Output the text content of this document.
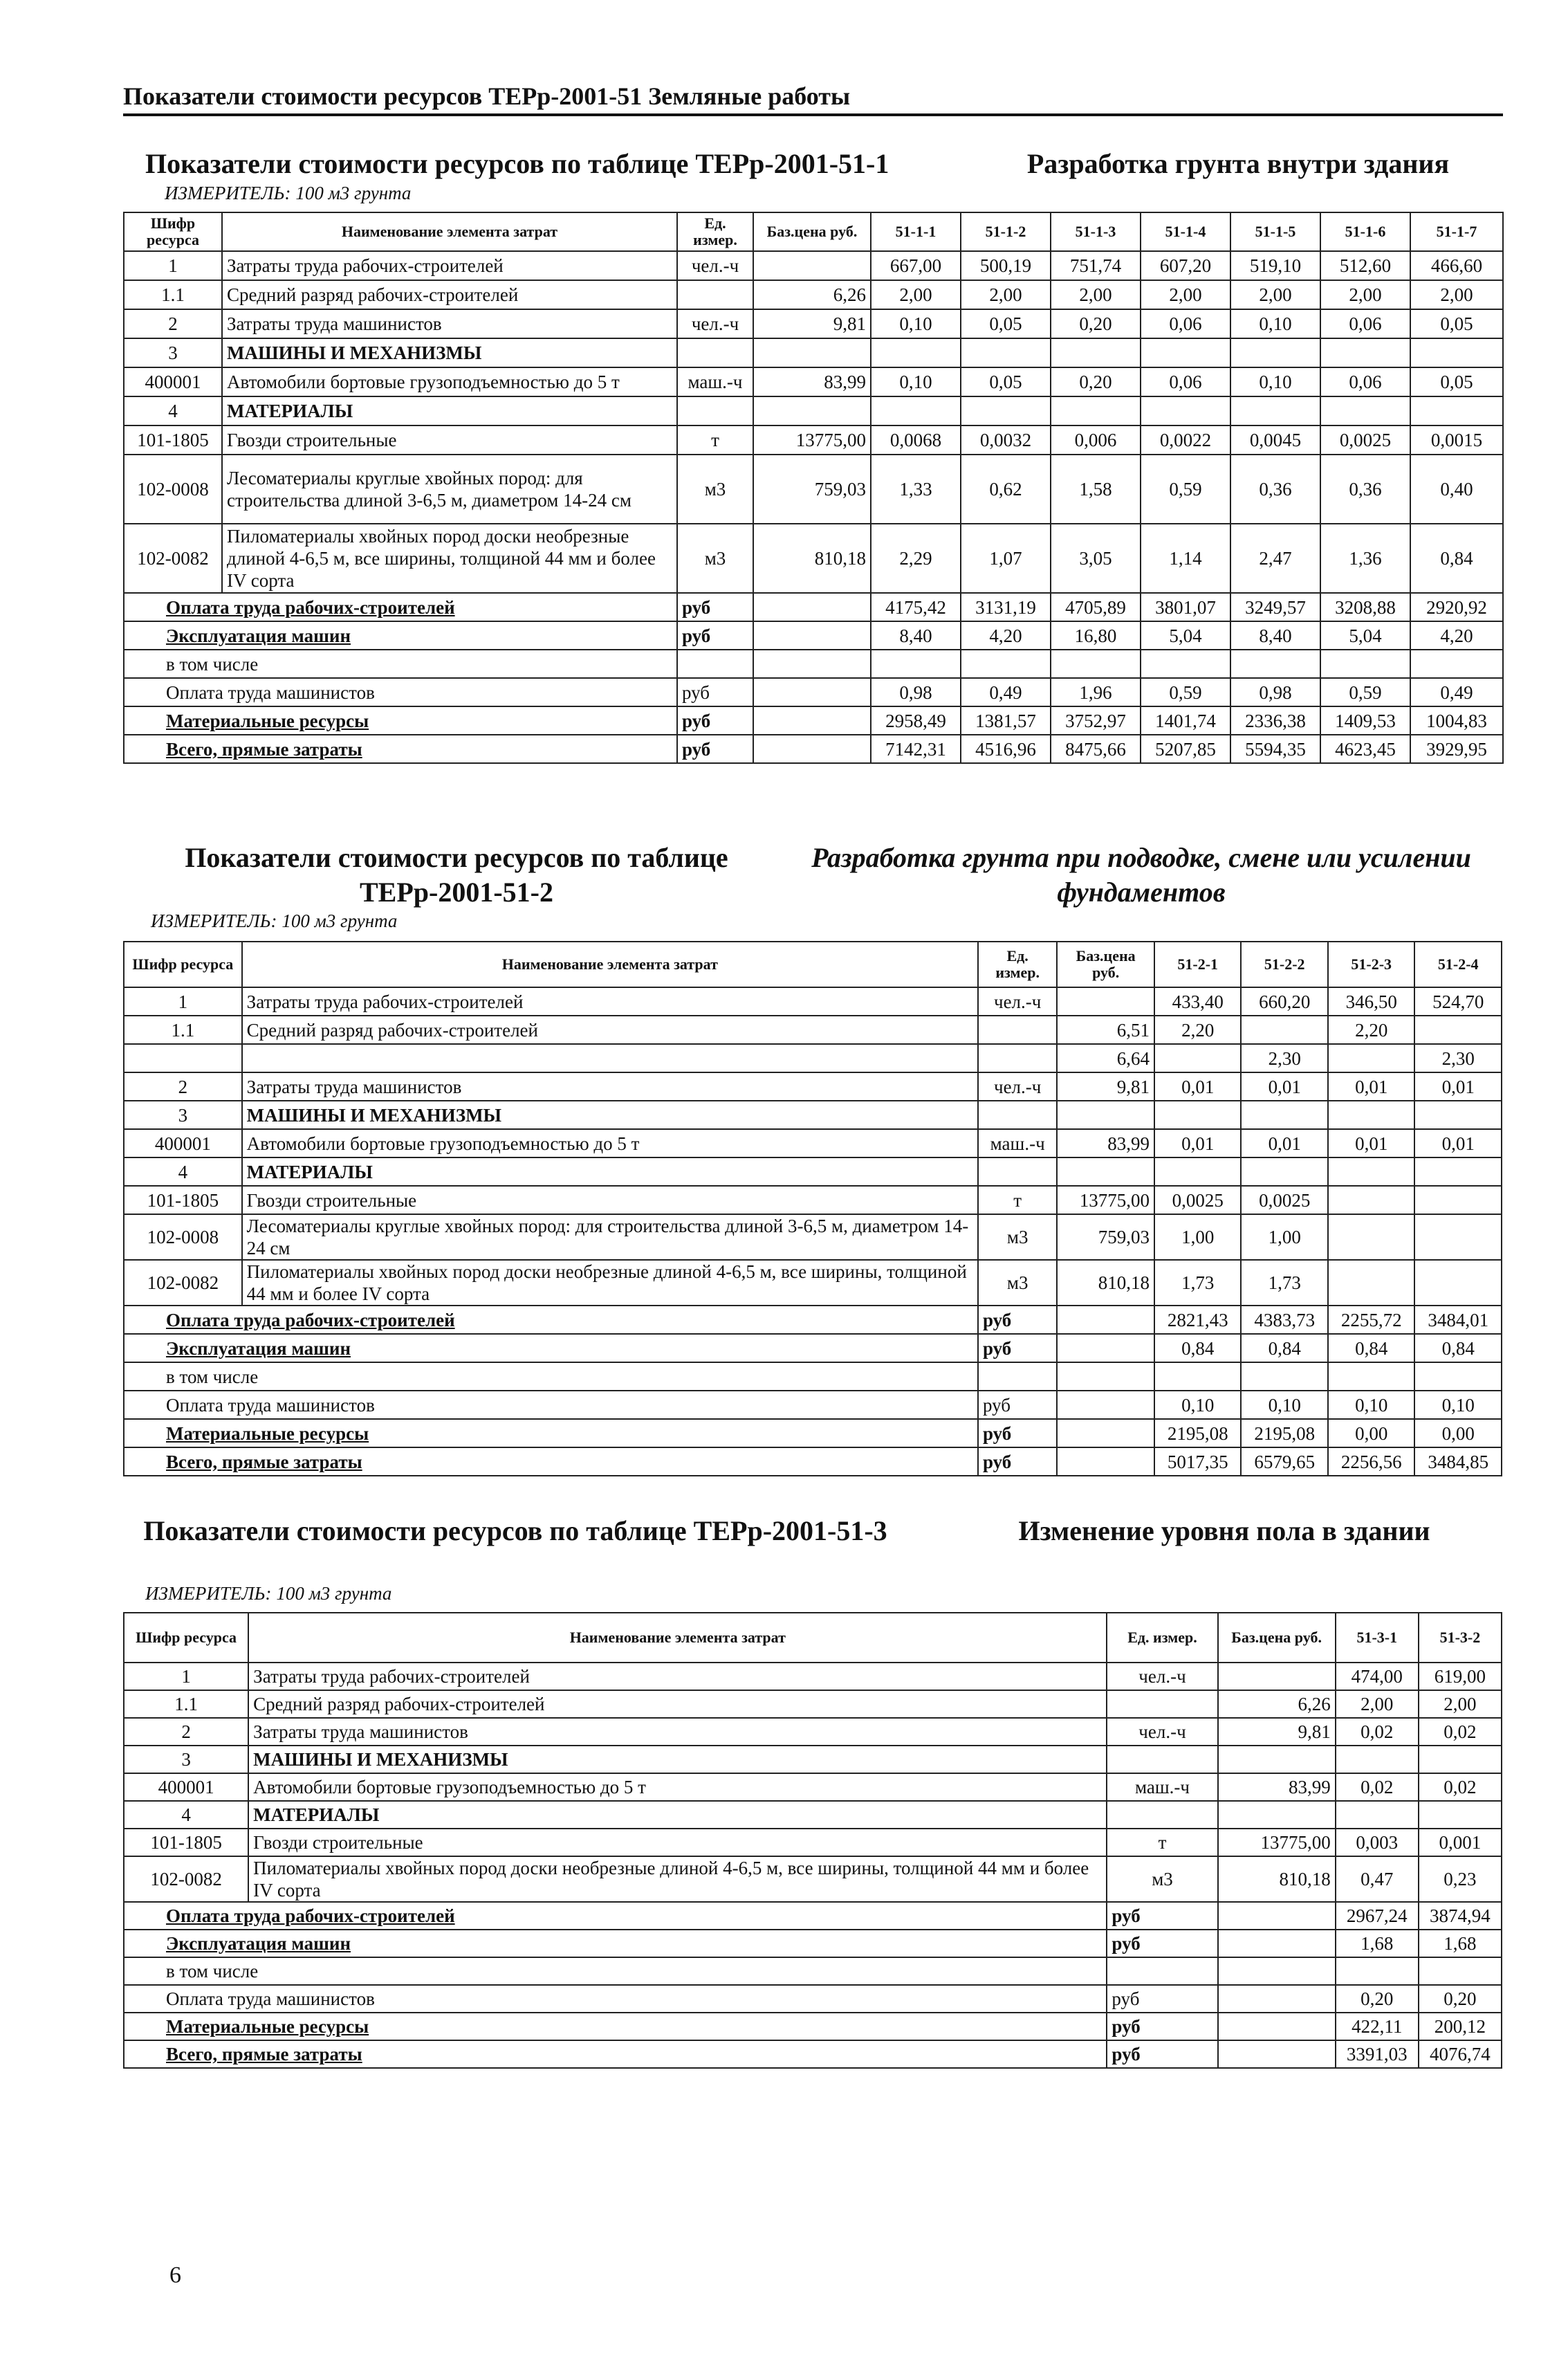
Показатели стоимости ресурсов ТЕРр-2001-51 Земляные работы
Показатели стоимости ресурсов по таблице ТЕРр-2001-51-1	Разработка грунта внутри здания
ИЗМЕРИТЕЛЬ: 100 м3 грунта
Шифр ресурса	Наименование элемента затрат	Ед. измер.	Баз.цена руб.	51-1-1	51-1-2	51-1-3	51-1-4	51-1-5	51-1-6	51-1-7
1	Затраты труда рабочих-строителей	чел.-ч		667,00	500,19	751,74	607,20	519,10	512,60	466,60
1.1	Средний разряд рабочих-строителей		6,26	2,00	2,00	2,00	2,00	2,00	2,00	2,00
2	Затраты труда машинистов	чел.-ч	9,81	0,10	0,05	0,20	0,06	0,10	0,06	0,05
3	МАШИНЫ И МЕХАНИЗМЫ									
400001	Автомобили бортовые грузоподъемностью до 5 т	маш.-ч	83,99	0,10	0,05	0,20	0,06	0,10	0,06	0,05
4	МАТЕРИАЛЫ									
101-1805	Гвозди строительные	т	13775,00	0,0068	0,0032	0,006	0,0022	0,0045	0,0025	0,0015
102-0008	Лесоматериалы круглые хвойных пород: для строительства длиной 3-6,5 м, диаметром 14-24 см	м3	759,03	1,33	0,62	1,58	0,59	0,36	0,36	0,40
102-0082	Пиломатериалы хвойных пород доски необрезные длиной 4-6,5 м, все ширины, толщиной 44 мм и более IV сорта	м3	810,18	2,29	1,07	3,05	1,14	2,47	1,36	0,84
Оплата труда рабочих-строителей		руб		4175,42	3131,19	4705,89	3801,07	3249,57	3208,88	2920,92
Эксплуатация машин		руб		8,40	4,20	16,80	5,04	8,40	5,04	4,20
в том числе										
Оплата труда машинистов		руб		0,98	0,49	1,96	0,59	0,98	0,59	0,49
Материальные ресурсы		руб		2958,49	1381,57	3752,97	1401,74	2336,38	1409,53	1004,83
Всего, прямые затраты		руб		7142,31	4516,96	8475,66	5207,85	5594,35	4623,45	3929,95
Показатели стоимости ресурсов по таблице ТЕРр-2001-51-2
Разработка грунта при подводке, смене или усилении фундаментов
ИЗМЕРИТЕЛЬ: 100 м3 грунта
Шифр ресурса	Наименование элемента затрат	Ед. измер.	Баз.цена руб.	51-2-1	51-2-2	51-2-3	51-2-4
1	Затраты труда рабочих-строителей	чел.-ч		433,40	660,20	346,50	524,70
1.1	Средний разряд рабочих-строителей		6,51	2,20		2,20	
			6,64		2,30		2,30
2	Затраты труда машинистов	чел.-ч	9,81	0,01	0,01	0,01	0,01
3	МАШИНЫ И МЕХАНИЗМЫ						
400001	Автомобили бортовые грузоподъемностью до 5 т	маш.-ч	83,99	0,01	0,01	0,01	0,01
4	МАТЕРИАЛЫ						
101-1805	Гвозди строительные	т	13775,00	0,0025	0,0025		
102-0008	Лесоматериалы круглые хвойных пород: для строительства длиной 3-6,5 м, диаметром 14-24 см	м3	759,03	1,00	1,00		
102-0082	Пиломатериалы хвойных пород доски необрезные длиной 4-6,5 м, все ширины, толщиной 44 мм и более IV сорта	м3	810,18	1,73	1,73		
Оплата труда рабочих-строителей		руб		2821,43	4383,73	2255,72	3484,01
Эксплуатация машин		руб		0,84	0,84	0,84	0,84
в том числе							
Оплата труда машинистов		руб		0,10	0,10	0,10	0,10
Материальные ресурсы		руб		2195,08	2195,08	0,00	0,00
Всего, прямые затраты		руб		5017,35	6579,65	2256,56	3484,85
Показатели стоимости ресурсов по таблице ТЕРр-2001-51-3	Изменение уровня пола в здании
ИЗМЕРИТЕЛЬ: 100 м3 грунта
Шифр ресурса	Наименование элемента затрат	Ед. измер.	Баз.цена руб.	51-3-1	51-3-2
1	Затраты труда рабочих-строителей	чел.-ч		474,00	619,00
1.1	Средний разряд рабочих-строителей		6,26	2,00	2,00
2	Затраты труда машинистов	чел.-ч	9,81	0,02	0,02
3	МАШИНЫ И МЕХАНИЗМЫ				
400001	Автомобили бортовые грузоподъемностью до 5 т	маш.-ч	83,99	0,02	0,02
4	МАТЕРИАЛЫ				
101-1805	Гвозди строительные	т	13775,00	0,003	0,001
102-0082	Пиломатериалы хвойных пород доски необрезные длиной 4-6,5 м, все ширины, толщиной 44 мм и более IV сорта	м3	810,18	0,47	0,23
Оплата труда рабочих-строителей		руб		2967,24	3874,94
Эксплуатация машин		руб		1,68	1,68
в том числе					
Оплата труда машинистов		руб		0,20	0,20
Материальные ресурсы		руб		422,11	200,12
Всего, прямые затраты		руб		3391,03	4076,74
6
